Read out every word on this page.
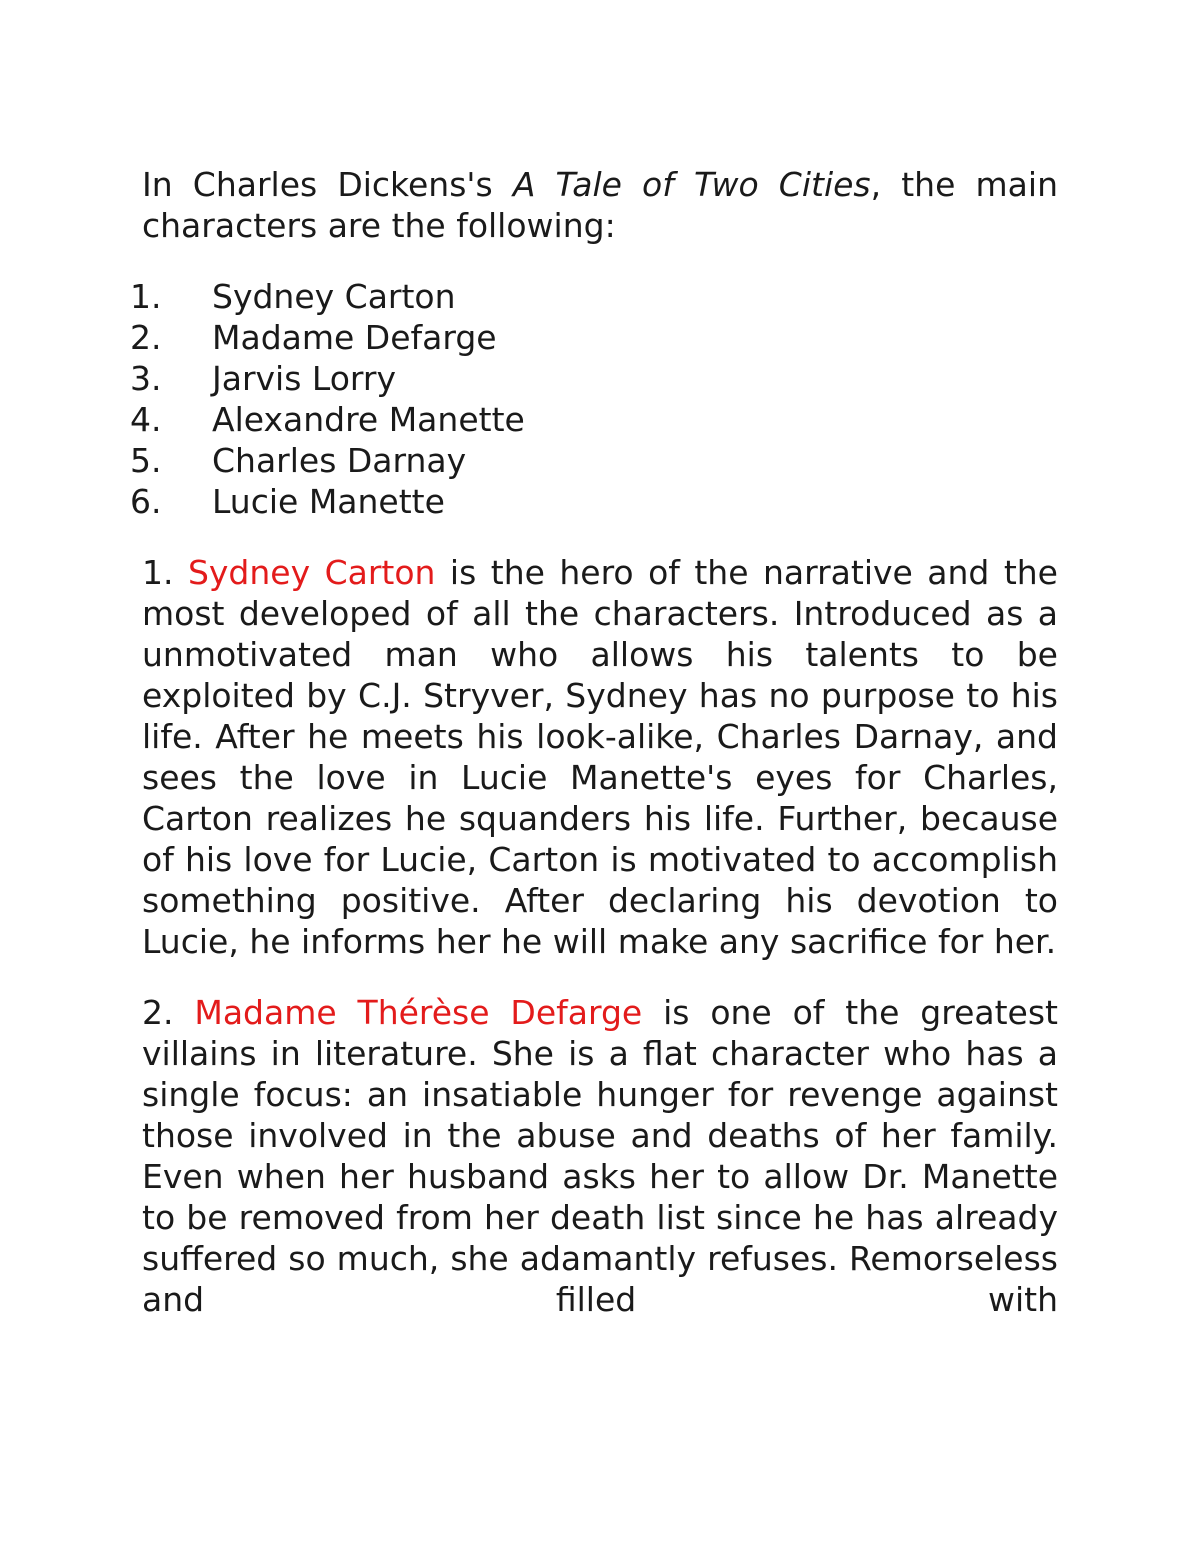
In Charles Dickens's A Tale of Two Cities, the main characters are the following:

1.	Sydney Carton
2.	Madame Defarge
3.	Jarvis Lorry
4.	Alexandre Manette
5.	Charles Darnay
6.	Lucie Manette

1. Sydney Carton is the hero of the narrative and the most developed of all the characters. Introduced as a unmotivated man who allows his talents to be exploited by C.J. Stryver, Sydney has no purpose to his life. After he meets his look-alike, Charles Darnay, and sees the love in Lucie Manette's eyes for Charles, Carton realizes he squanders his life. Further, because of his love for Lucie, Carton is motivated to accomplish something positive. After declaring his devotion to Lucie, he informs her he will make any sacrifice for her.

2. Madame Thérèse Defarge is one of the greatest villains in literature. She is a flat character who has a single focus: an insatiable hunger for revenge against those involved in the abuse and deaths of her family. Even when her husband asks her to allow Dr. Manette to be removed from her death list since he has already suffered so much, she adamantly refuses. Remorseless and filled with
